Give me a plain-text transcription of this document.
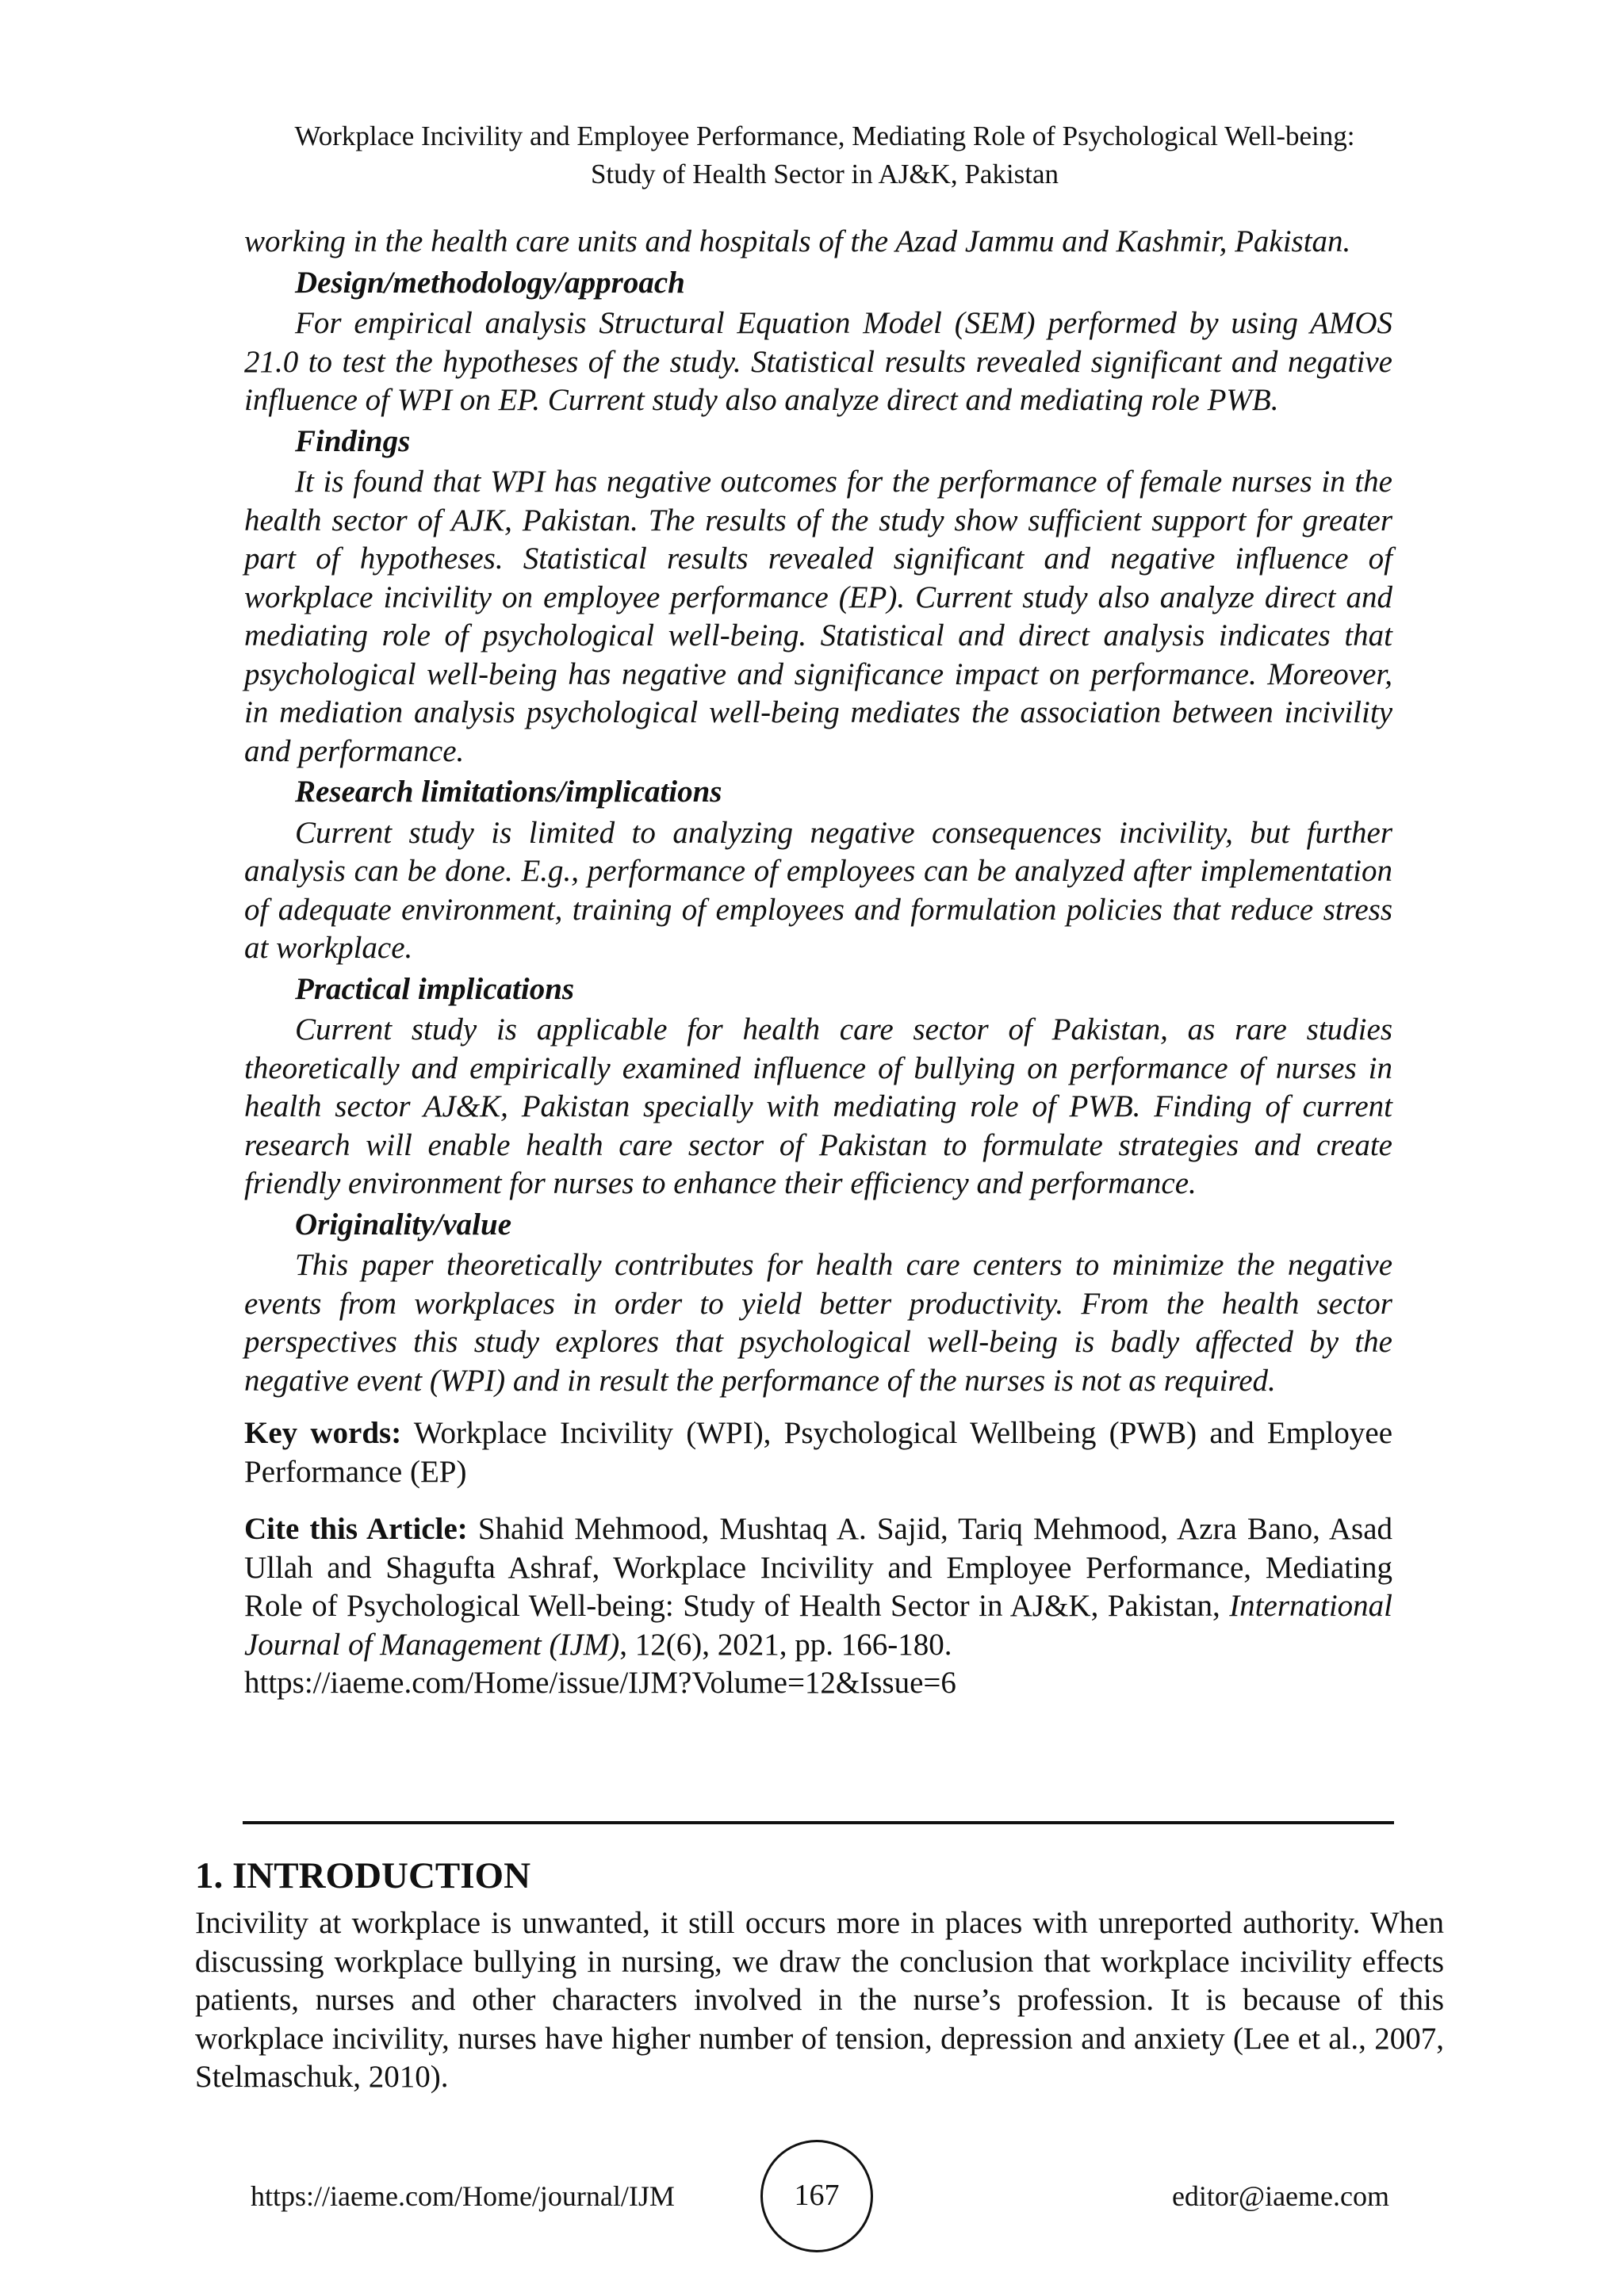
Workplace Incivility and Employee Performance, Mediating Role of Psychological Well-being:
Study of Health Sector in AJ&K, Pakistan

working in the health care units and hospitals of the Azad Jammu and Kashmir, Pakistan.

Design/methodology/approach

For empirical analysis Structural Equation Model (SEM) performed by using AMOS 21.0 to test the hypotheses of the study. Statistical results revealed significant and negative influence of WPI on EP. Current study also analyze direct and mediating role PWB.

Findings

It is found that WPI has negative outcomes for the performance of female nurses in the health sector of AJK, Pakistan. The results of the study show sufficient support for greater part of hypotheses. Statistical results revealed significant and negative influence of workplace incivility on employee performance (EP). Current study also analyze direct and mediating role of psychological well-being. Statistical and direct analysis indicates that psychological well-being has negative and significance impact on performance. Moreover, in mediation analysis psychological well-being mediates the association between incivility and performance.

Research limitations/implications

Current study is limited to analyzing negative consequences incivility, but further analysis can be done. E.g., performance of employees can be analyzed after implementation of adequate environment, training of employees and formulation policies that reduce stress at workplace.

Practical implications

Current study is applicable for health care sector of Pakistan, as rare studies theoretically and empirically examined influence of bullying on performance of nurses in health sector AJ&K, Pakistan specially with mediating role of PWB. Finding of current research will enable health care sector of Pakistan to formulate strategies and create friendly environment for nurses to enhance their efficiency and performance.

Originality/value

This paper theoretically contributes for health care centers to minimize the negative events from workplaces in order to yield better productivity. From the health sector perspectives this study explores that psychological well-being is badly affected by the negative event (WPI) and in result the performance of the nurses is not as required.

Key words: Workplace Incivility (WPI), Psychological Wellbeing (PWB) and Employee Performance (EP)

Cite this Article: Shahid Mehmood, Mushtaq A. Sajid, Tariq Mehmood, Azra Bano, Asad Ullah and Shagufta Ashraf, Workplace Incivility and Employee Performance, Mediating Role of Psychological Well-being: Study of Health Sector in AJ&K, Pakistan, International Journal of Management (IJM), 12(6), 2021, pp. 166-180.
https://iaeme.com/Home/issue/IJM?Volume=12&Issue=6

1. INTRODUCTION

Incivility at workplace is unwanted, it still occurs more in places with unreported authority. When discussing workplace bullying in nursing, we draw the conclusion that workplace incivility effects patients, nurses and other characters involved in the nurse’s profession. It is because of this workplace incivility, nurses have higher number of tension, depression and anxiety (Lee et al., 2007, Stelmaschuk, 2010).

https://iaeme.com/Home/journal/IJM	167	editor@iaeme.com
